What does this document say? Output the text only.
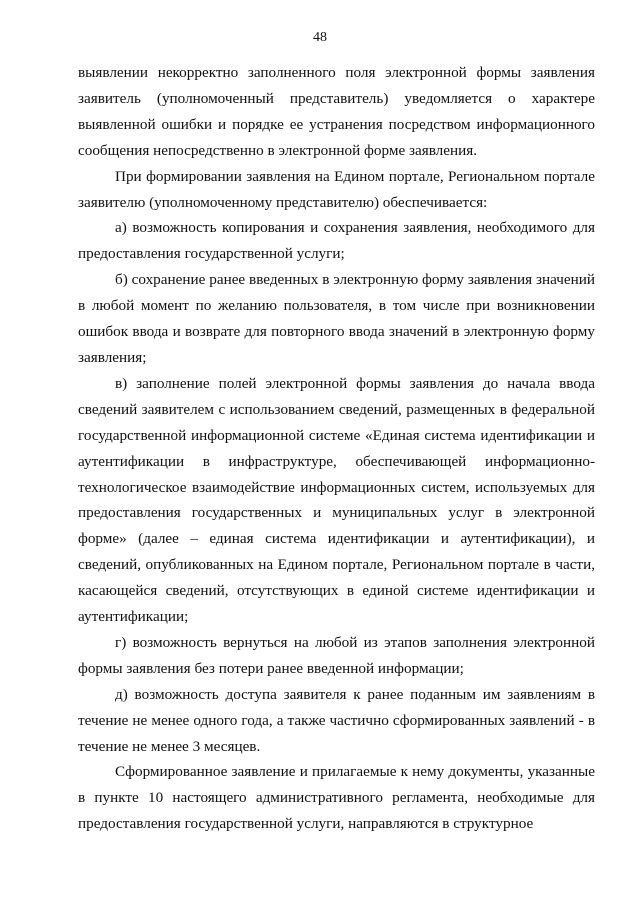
48

выявлении некорректно заполненного поля электронной формы заявления заявитель (уполномоченный представитель) уведомляется о характере выявленной ошибки и порядке ее устранения посредством информационного сообщения непосредственно в электронной форме заявления.

При формировании заявления на Едином портале, Региональном портале заявителю (уполномоченному представителю) обеспечивается:

а) возможность копирования и сохранения заявления, необходимого для предоставления государственной услуги;

б) сохранение ранее введенных в электронную форму заявления значений в любой момент по желанию пользователя, в том числе при возникновении ошибок ввода и возврате для повторного ввода значений в электронную форму заявления;

в) заполнение полей электронной формы заявления до начала ввода сведений заявителем с использованием сведений, размещенных в федеральной государственной информационной системе «Единая система идентификации и аутентификации в инфраструктуре, обеспечивающей информационно-технологическое взаимодействие информационных систем, используемых для предоставления государственных и муниципальных услуг в электронной форме» (далее – единая система идентификации и аутентификации), и сведений, опубликованных на Едином портале, Региональном портале в части, касающейся сведений, отсутствующих в единой системе идентификации и аутентификации;

г) возможность вернуться на любой из этапов заполнения электронной формы заявления без потери ранее введенной информации;

д) возможность доступа заявителя к ранее поданным им заявлениям в течение не менее одного года, а также частично сформированных заявлений - в течение не менее 3 месяцев.

Сформированное заявление и прилагаемые к нему документы, указанные в пункте 10 настоящего административного регламента, необходимые для предоставления государственной услуги, направляются в структурное
